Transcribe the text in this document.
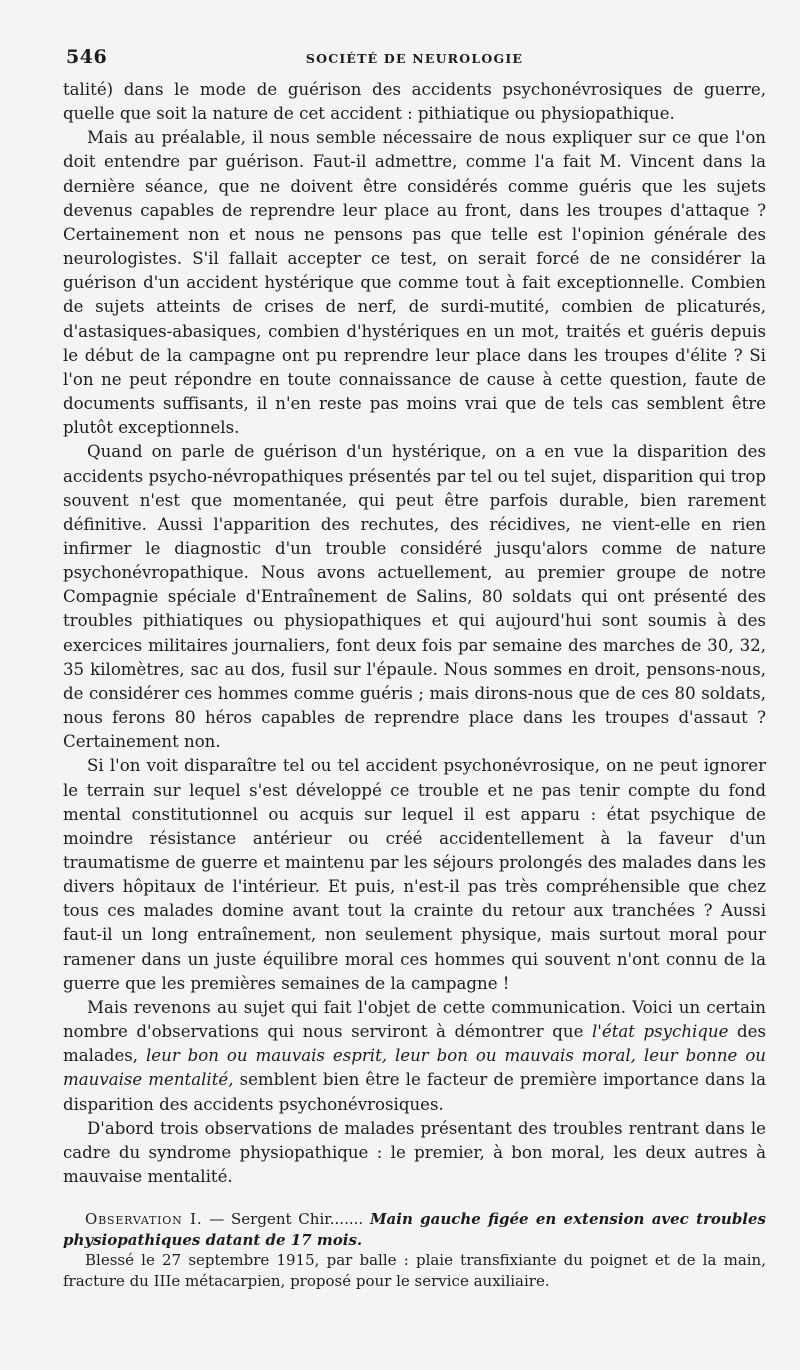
546	SOCIÉTÉ DE NEUROLOGIE

talité) dans le mode de guérison des accidents psychonévrosiques de guerre, quelle que soit la nature de cet accident : pithiatique ou physiopathique.

Mais au préalable, il nous semble nécessaire de nous expliquer sur ce que l'on doit entendre par guérison. Faut-il admettre, comme l'a fait M. Vincent dans la dernière séance, que ne doivent être considérés comme guéris que les sujets devenus capables de reprendre leur place au front, dans les troupes d'attaque ? Certainement non et nous ne pensons pas que telle est l'opinion générale des neurologistes. S'il fallait accepter ce test, on serait forcé de ne considérer la guérison d'un accident hystérique que comme tout à fait exceptionnelle. Combien de sujets atteints de crises de nerf, de surdi-mutité, combien de plicaturés, d'astasiques-abasiques, combien d'hystériques en un mot, traités et guéris depuis le début de la campagne ont pu reprendre leur place dans les troupes d'élite ? Si l'on ne peut répondre en toute connaissance de cause à cette question, faute de documents suffisants, il n'en reste pas moins vrai que de tels cas semblent être plutôt exceptionnels.

Quand on parle de guérison d'un hystérique, on a en vue la disparition des accidents psycho-névropathiques présentés par tel ou tel sujet, disparition qui trop souvent n'est que momentanée, qui peut être parfois durable, bien rarement définitive. Aussi l'apparition des rechutes, des récidives, ne vient-elle en rien infirmer le diagnostic d'un trouble considéré jusqu'alors comme de nature psychonévropathique. Nous avons actuellement, au premier groupe de notre Compagnie spéciale d'Entraînement de Salins, 80 soldats qui ont présenté des troubles pithiatiques ou physiopathiques et qui aujourd'hui sont soumis à des exercices militaires journaliers, font deux fois par semaine des marches de 30, 32, 35 kilomètres, sac au dos, fusil sur l'épaule. Nous sommes en droit, pensons-nous, de considérer ces hommes comme guéris ; mais dirons-nous que de ces 80 soldats, nous ferons 80 héros capables de reprendre place dans les troupes d'assaut ? Certainement non.

Si l'on voit disparaître tel ou tel accident psychonévrosique, on ne peut ignorer le terrain sur lequel s'est développé ce trouble et ne pas tenir compte du fond mental constitutionnel ou acquis sur lequel il est apparu : état psychique de moindre résistance antérieur ou créé accidentellement à la faveur d'un traumatisme de guerre et maintenu par les séjours prolongés des malades dans les divers hôpitaux de l'intérieur. Et puis, n'est-il pas très compréhensible que chez tous ces malades domine avant tout la crainte du retour aux tranchées ? Aussi faut-il un long entraînement, non seulement physique, mais surtout moral pour ramener dans un juste équilibre moral ces hommes qui souvent n'ont connu de la guerre que les premières semaines de la campagne !

Mais revenons au sujet qui fait l'objet de cette communication. Voici un certain nombre d'observations qui nous serviront à démontrer que l'état psychique des malades, leur bon ou mauvais esprit, leur bon ou mauvais moral, leur bonne ou mauvaise mentalité, semblent bien être le facteur de première importance dans la disparition des accidents psychonévrosiques.

D'abord trois observations de malades présentant des troubles rentrant dans le cadre du syndrome physiopathique : le premier, à bon moral, les deux autres à mauvaise mentalité.

Observation I. — Sergent Chir....... Main gauche figée en extension avec troubles physiopathiques datant de 17 mois.

Blessé le 27 septembre 1915, par balle : plaie transfixiante du poignet et de la main, fracture du IIIe métacarpien, proposé pour le service auxiliaire.
